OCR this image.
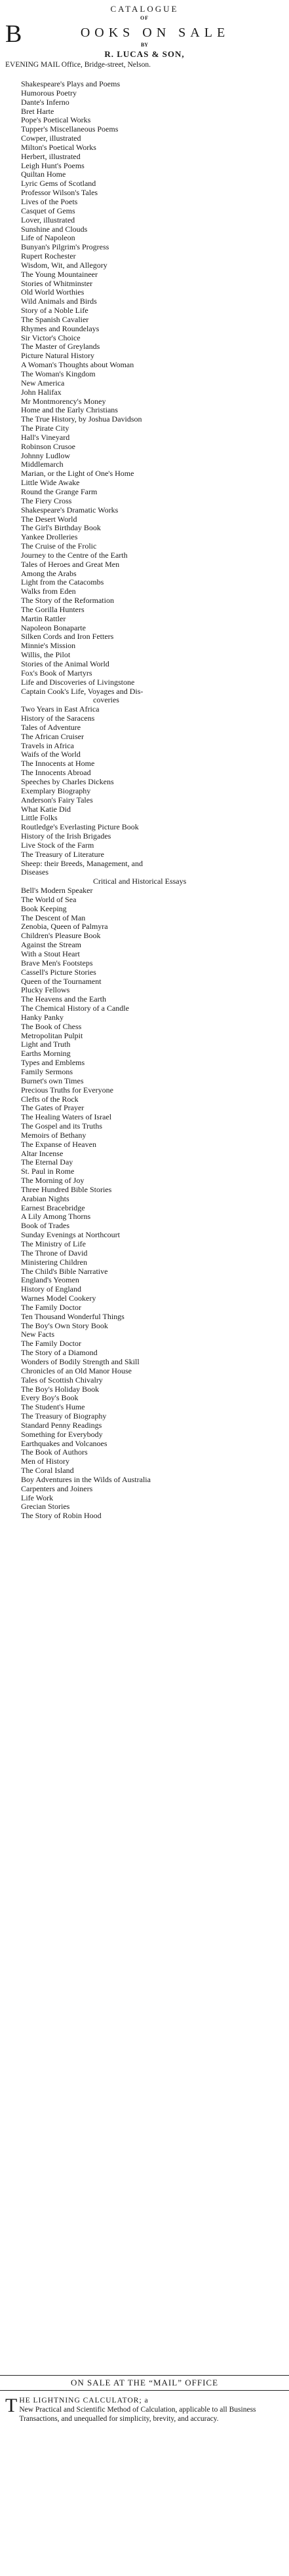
CATALOGUE
OF
B	OOKS ON SALE
BY
R. LUCAS & SON,
EVENING MAIL Office, Bridge-street, Nelson.
Shakespeare's Plays and Poems
Humorous Poetry
Dante's Inferno
Bret Harte
Pope's Poetical Works
Tupper's Miscellaneous Poems
Cowper, illustrated
Milton's Poetical Works
Herbert, illustrated
Leigh Hunt's Poems
Quiltan Home
Lyric Gems of Scotland
Professor Wilson's Tales
Lives of the Poets
Casquet of Gems
Lover, illustrated
Sunshine and Clouds
Life of Napoleon
Bunyan's Pilgrim's Progress
Rupert Rochester
Wisdom, Wit, and Allegory
The Young Mountaineer
Stories of Whitminster
Old World Worthies
Wild Animals and Birds
Story of a Noble Life
The Spanish Cavalier
Rhymes and Roundelays
Sir Victor's Choice
The Master of Greylands
Picture Natural History
A Woman's Thoughts about Woman
The Woman's Kingdom
New America
John Halifax
Mr Montmorency's Money
Home and the Early Christians
The True History, by Joshua Davidson
The Pirate City
Hall's Vineyard
Robinson Crusoe
Johnny Ludlow
Middlemarch
Marian, or the Light of One's Home
Little Wide Awake
Round the Grange Farm
The Fiery Cross
Shakespeare's Dramatic Works
The Desert World
The Girl's Birthday Book
Yankee Drolleries
The Cruise of the Frolic
Journey to the Centre of the Earth
Tales of Heroes and Great Men
Among the Arabs
Light from the Catacombs
Walks from Eden
The Story of the Reformation
The Gorilla Hunters
Martin Rattler
Napoleon Bonaparte
Silken Cords and Iron Fetters
Minnie's Mission
Willis, the Pilot
Stories of the Animal World
Fox's Book of Martyrs
Life and Discoveries of Livingstone
Captain Cook's Life, Voyages and Dis-
coveries
Two Years in East Africa
History of the Saracens
Tales of Adventure
The African Cruiser
Travels in Africa
Waifs of the World
The Innocents at Home
The Innocents Abroad
Speeches by Charles Dickens
Exemplary Biography
Anderson's Fairy Tales
What Katie Did
Little Folks
Routledge's Everlasting Picture Book
History of the Irish Brigades
Live Stock of the Farm
The Treasury of Literature
Sheep: their Breeds, Management, and
Diseases
Critical and Historical Essays
Bell's Modern Speaker
The World of Sea
Book Keeping
The Descent of Man
Zenobia, Queen of Palmyra
Children's Pleasure Book
Against the Stream
With a Stout Heart
Brave Men's Footsteps
Cassell's Picture Stories
Queen of the Tournament
Plucky Fellows
The Heavens and the Earth
The Chemical History of a Candle
Hanky Panky
The Book of Chess
Metropolitan Pulpit
Light and Truth
Earths Morning
Types and Emblems
Family Sermons
Burnet's own Times
Precious Truths for Everyone
Clefts of the Rock
The Gates of Prayer
The Healing Waters of Israel
The Gospel and its Truths
Memoirs of Bethany
The Expanse of Heaven
Altar Incense
The Eternal Day
St. Paul in Rome
The Morning of Joy
Three Hundred Bible Stories
Arabian Nights
Earnest Bracebridge
A Lily Among Thorns
Book of Trades
Sunday Evenings at Northcourt
The Ministry of Life
The Throne of David
Ministering Children
The Child's Bible Narrative
England's Yeomen
History of England
Warnes Model Cookery
The Family Doctor
Ten Thousand Wonderful Things
The Boy's Own Story Book
New Facts
The Family Doctor
The Story of a Diamond
Wonders of Bodily Strength and Skill
Chronicles of an Old Manor House
Tales of Scottish Chivalry
The Boy's Holiday Book
Every Boy's Book
The Student's Hume
The Treasury of Biography
Standard Penny Readings
Something for Everybody
Earthquakes and Volcanoes
The Book of Authors
Men of History
The Coral Island
Boy Adventures in the Wilds of Australia
Carpenters and Joiners
Life Work
Grecian Stories
The Story of Robin Hood
ON SALE AT THE “MAIL” OFFICE
T HE LIGHTNING CALCULATOR; a
New Practical and Scientific Method of Calculation, applicable to all Business Transactions, and unequalled for simplicity, brevity, and accuracy.
